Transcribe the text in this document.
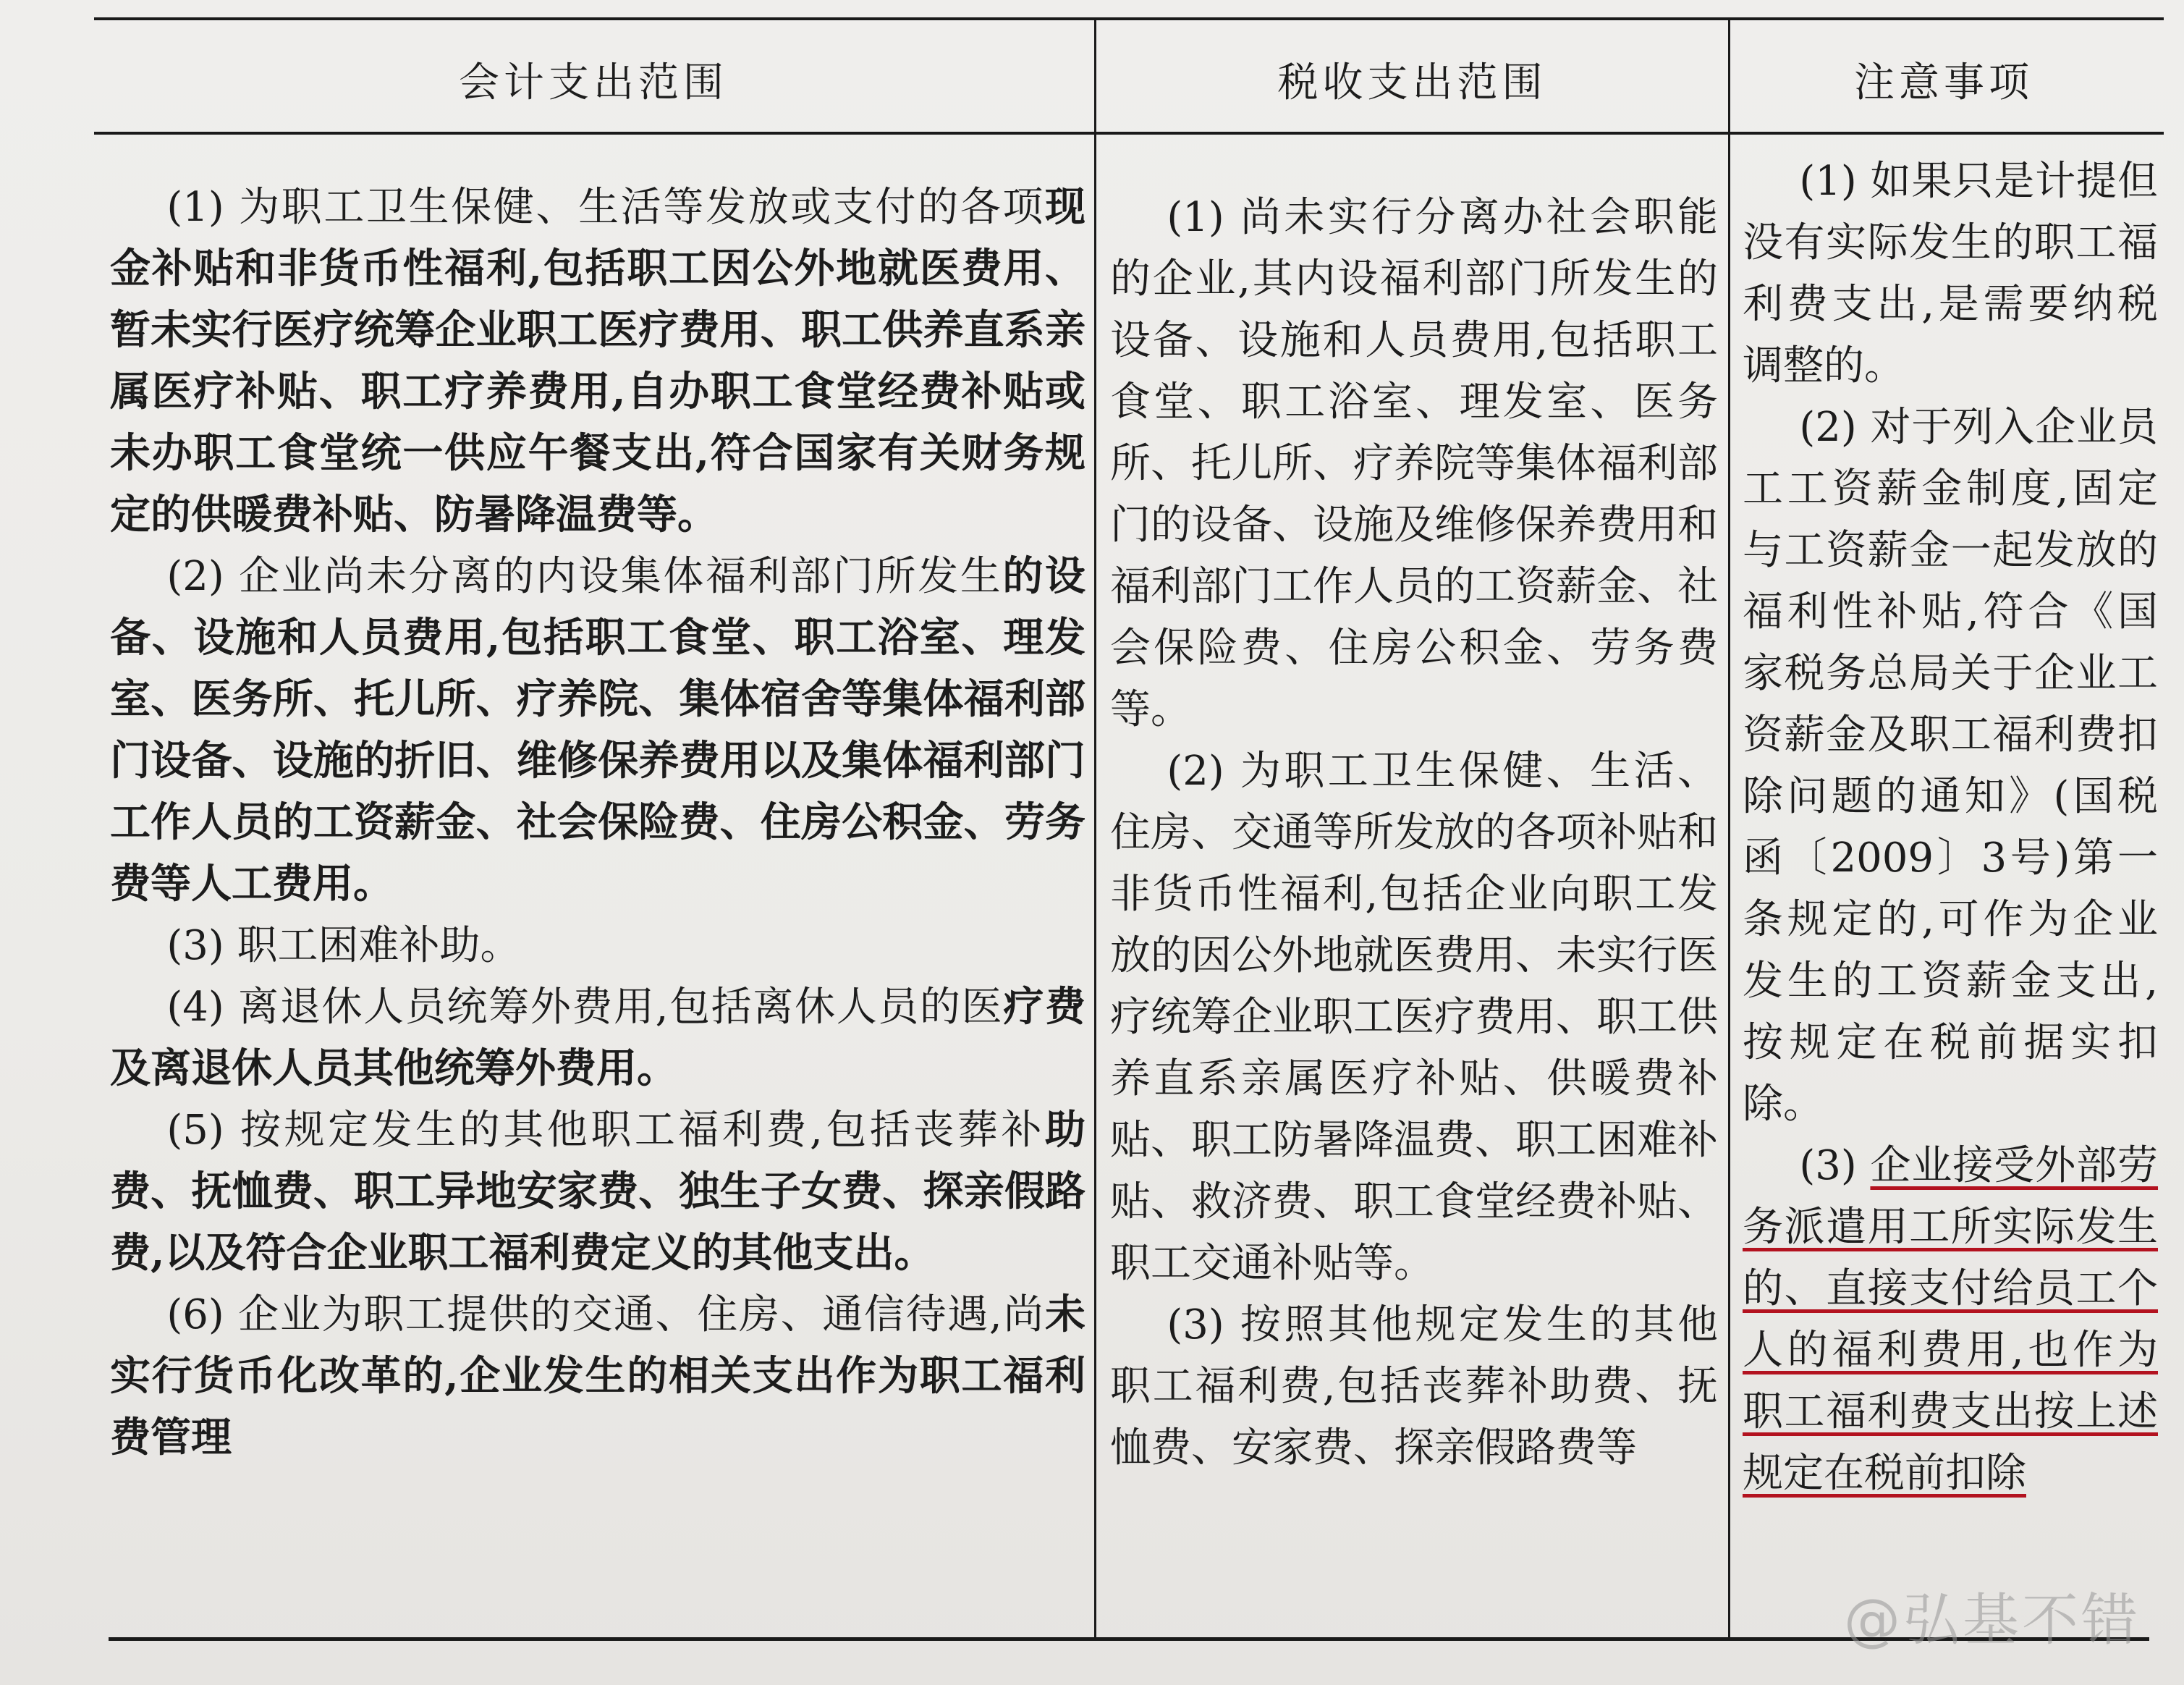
会计支出范围	税收支出范围	注意事项

(1) 为职工卫生保健、生活等发放或支付的各项现金补贴和非货币性福利,包括职工因公外地就医费用、暂未实行医疗统筹企业职工医疗费用、职工供养直系亲属医疗补贴、职工疗养费用,自办职工食堂经费补贴或未办职工食堂统一供应午餐支出,符合国家有关财务规定的供暖费补贴、防暑降温费等。

(2) 企业尚未分离的内设集体福利部门所发生的设备、设施和人员费用,包括职工食堂、职工浴室、理发室、医务所、托儿所、疗养院、集体宿舍等集体福利部门设备、设施的折旧、维修保养费用以及集体福利部门工作人员的工资薪金、社会保险费、住房公积金、劳务费等人工费用。

(3) 职工困难补助。

(4) 离退休人员统筹外费用,包括离休人员的医疗费及离退休人员其他统筹外费用。

(5) 按规定发生的其他职工福利费,包括丧葬补助费、抚恤费、职工异地安家费、独生子女费、探亲假路费,以及符合企业职工福利费定义的其他支出。

(6) 企业为职工提供的交通、住房、通信待遇,尚未实行货币化改革的,企业发生的相关支出作为职工福利费管理

(1) 尚未实行分离办社会职能的企业,其内设福利部门所发生的设备、设施和人员费用,包括职工食堂、职工浴室、理发室、医务所、托儿所、疗养院等集体福利部门的设备、设施及维修保养费用和福利部门工作人员的工资薪金、社会保险费、住房公积金、劳务费等。

(2) 为职工卫生保健、生活、住房、交通等所发放的各项补贴和非货币性福利,包括企业向职工发放的因公外地就医费用、未实行医疗统筹企业职工医疗费用、职工供养直系亲属医疗补贴、供暖费补贴、职工防暑降温费、职工困难补贴、救济费、职工食堂经费补贴、职工交通补贴等。

(3) 按照其他规定发生的其他职工福利费,包括丧葬补助费、抚恤费、安家费、探亲假路费等

(1) 如果只是计提但没有实际发生的职工福利费支出,是需要纳税调整的。

(2) 对于列入企业员工工资薪金制度,固定与工资薪金一起发放的福利性补贴,符合《国家税务总局关于企业工资薪金及职工福利费扣除问题的通知》(国税函〔2009〕3号)第一条规定的,可作为企业发生的工资薪金支出,按规定在税前据实扣除。

(3) 企业接受外部劳务派遣用工所实际发生的、直接支付给员工个人的福利费用,也作为职工福利费支出按上述规定在税前扣除

@弘基不错
